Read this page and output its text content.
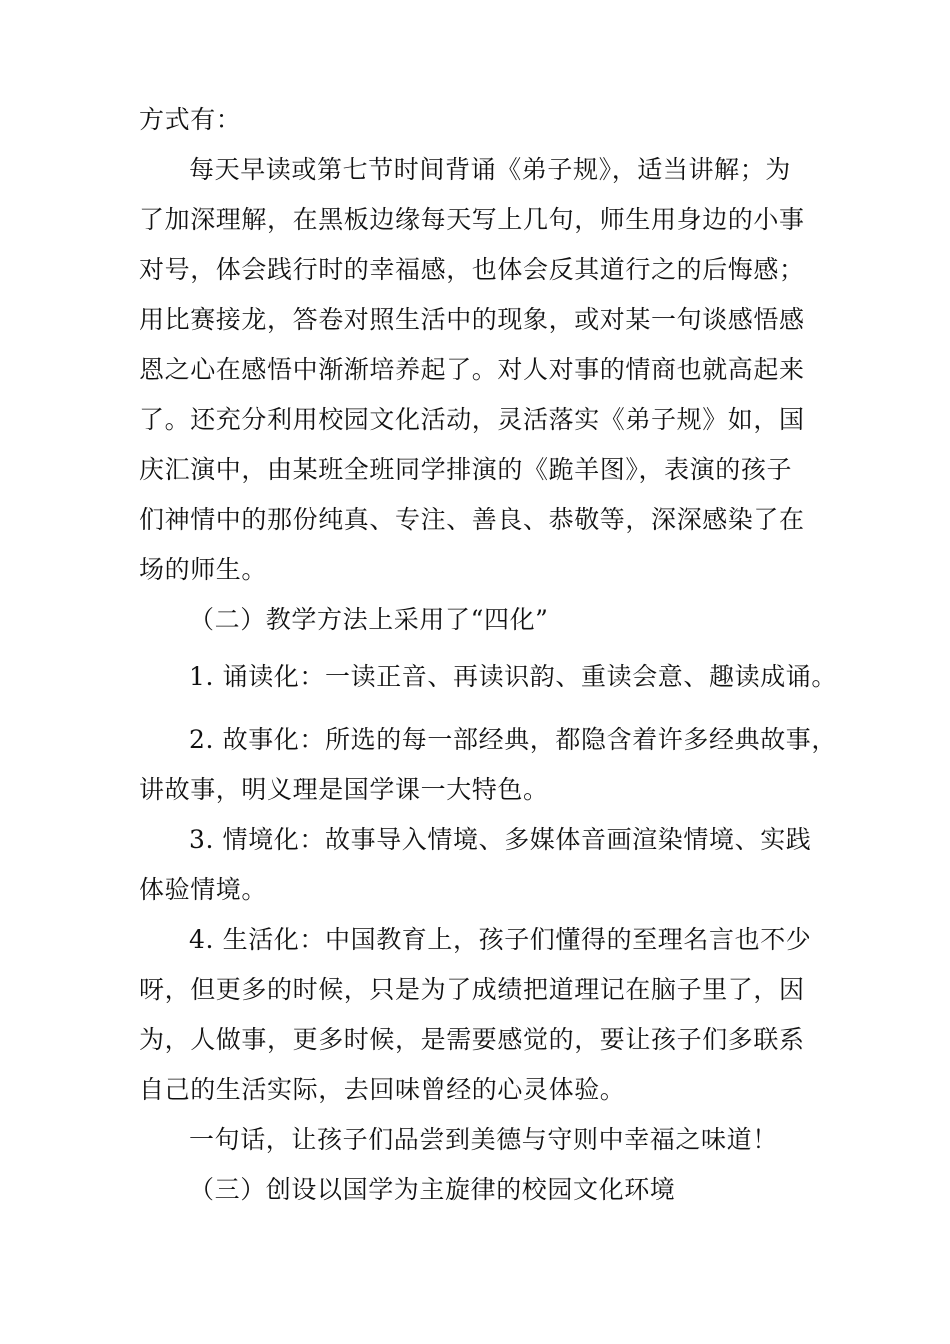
方式有：
每天早读或第七节时间背诵《弟子规》，适当讲解；为
了加深理解，在黑板边缘每天写上几句，师生用身边的小事
对号，体会践行时的幸福感，也体会反其道行之的后悔感；
用比赛接龙，答卷对照生活中的现象，或对某一句谈感悟感
恩之心在感悟中渐渐培养起了。对人对事的情商也就高起来
了。还充分利用校园文化活动，灵活落实《弟子规》如，国
庆汇演中，由某班全班同学排演的《跪羊图》，表演的孩子
们神情中的那份纯真、专注、善良、恭敬等，深深感染了在
场的师生。
（二）教学方法上采用了“四化”
1. 诵读化：一读正音、再读识韵、重读会意、趣读成诵。
2. 故事化：所选的每一部经典，都隐含着许多经典故事，
讲故事，明义理是国学课一大特色。
3. 情境化：故事导入情境、多媒体音画渲染情境、实践
体验情境。
4. 生活化：中国教育上，孩子们懂得的至理名言也不少
呀，但更多的时候，只是为了成绩把道理记在脑子里了，因
为，人做事，更多时候，是需要感觉的，要让孩子们多联系
自己的生活实际，去回味曾经的心灵体验。
一句话，让孩子们品尝到美德与守则中幸福之味道！
（三）创设以国学为主旋律的校园文化环境
